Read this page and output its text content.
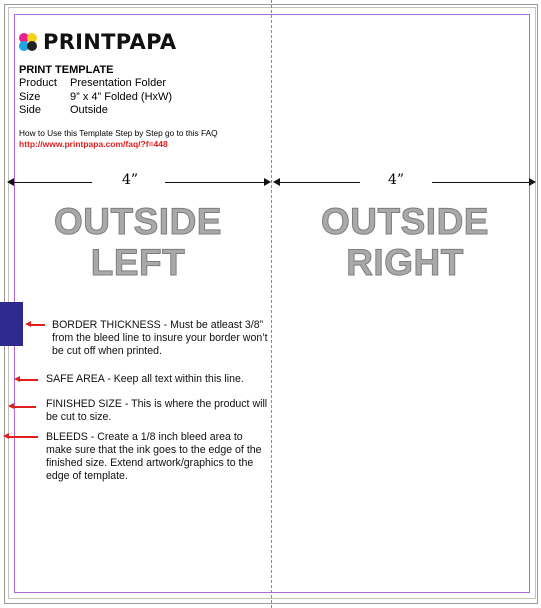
PRINTPAPA
PRINT TEMPLATE
Product Presentation Folder
Size	9” x 4” Folded (HxW)
Side	Outside
How to Use this Template Step by Step go to this FAQ
http://www.printpapa.com/faq/?f=448
4”	4”
OUTSIDE
LEFT
OUTSIDE
RIGHT
BORDER THICKNESS - Must be atleast 3/8” from the bleed line to insure your border won’t be cut off when printed.
SAFE AREA - Keep all text within this line.
FINISHED SIZE - This is where the product will be cut to size.
BLEEDS - Create a 1/8 inch bleed area to make sure that the ink goes to the edge of the finished size. Extend artwork/graphics to the edge of template.
